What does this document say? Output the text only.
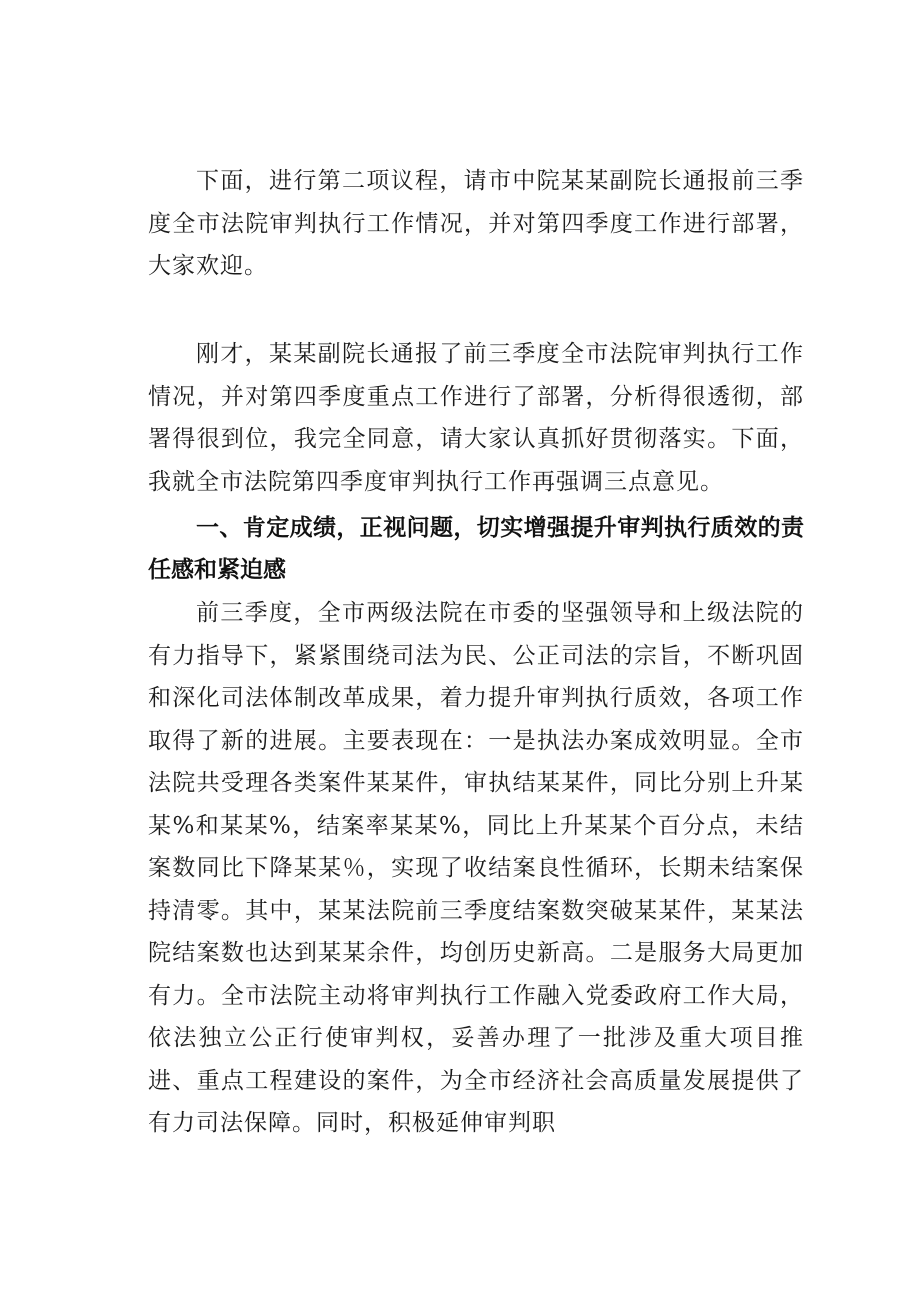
下面，进行第二项议程，请市中院某某副院长通报前三季度全市法院审判执行工作情况，并对第四季度工作进行部署，大家欢迎。

刚才，某某副院长通报了前三季度全市法院审判执行工作情况，并对第四季度重点工作进行了部署，分析得很透彻，部署得很到位，我完全同意，请大家认真抓好贯彻落实。下面，我就全市法院第四季度审判执行工作再强调三点意见。

一、肯定成绩，正视问题，切实增强提升审判执行质效的责任感和紧迫感

前三季度，全市两级法院在市委的坚强领导和上级法院的有力指导下，紧紧围绕司法为民、公正司法的宗旨，不断巩固和深化司法体制改革成果，着力提升审判执行质效，各项工作取得了新的进展。主要表现在：一是执法办案成效明显。全市法院共受理各类案件某某件，审执结某某件，同比分别上升某某%和某某%，结案率某某%，同比上升某某个百分点，未结案数同比下降某某％，实现了收结案良性循环，长期未结案保持清零。其中，某某法院前三季度结案数突破某某件，某某法院结案数也达到某某余件，均创历史新高。二是服务大局更加有力。全市法院主动将审判执行工作融入党委政府工作大局，依法独立公正行使审判权，妥善办理了一批涉及重大项目推进、重点工程建设的案件，为全市经济社会高质量发展提供了有力司法保障。同时，积极延伸审判职
